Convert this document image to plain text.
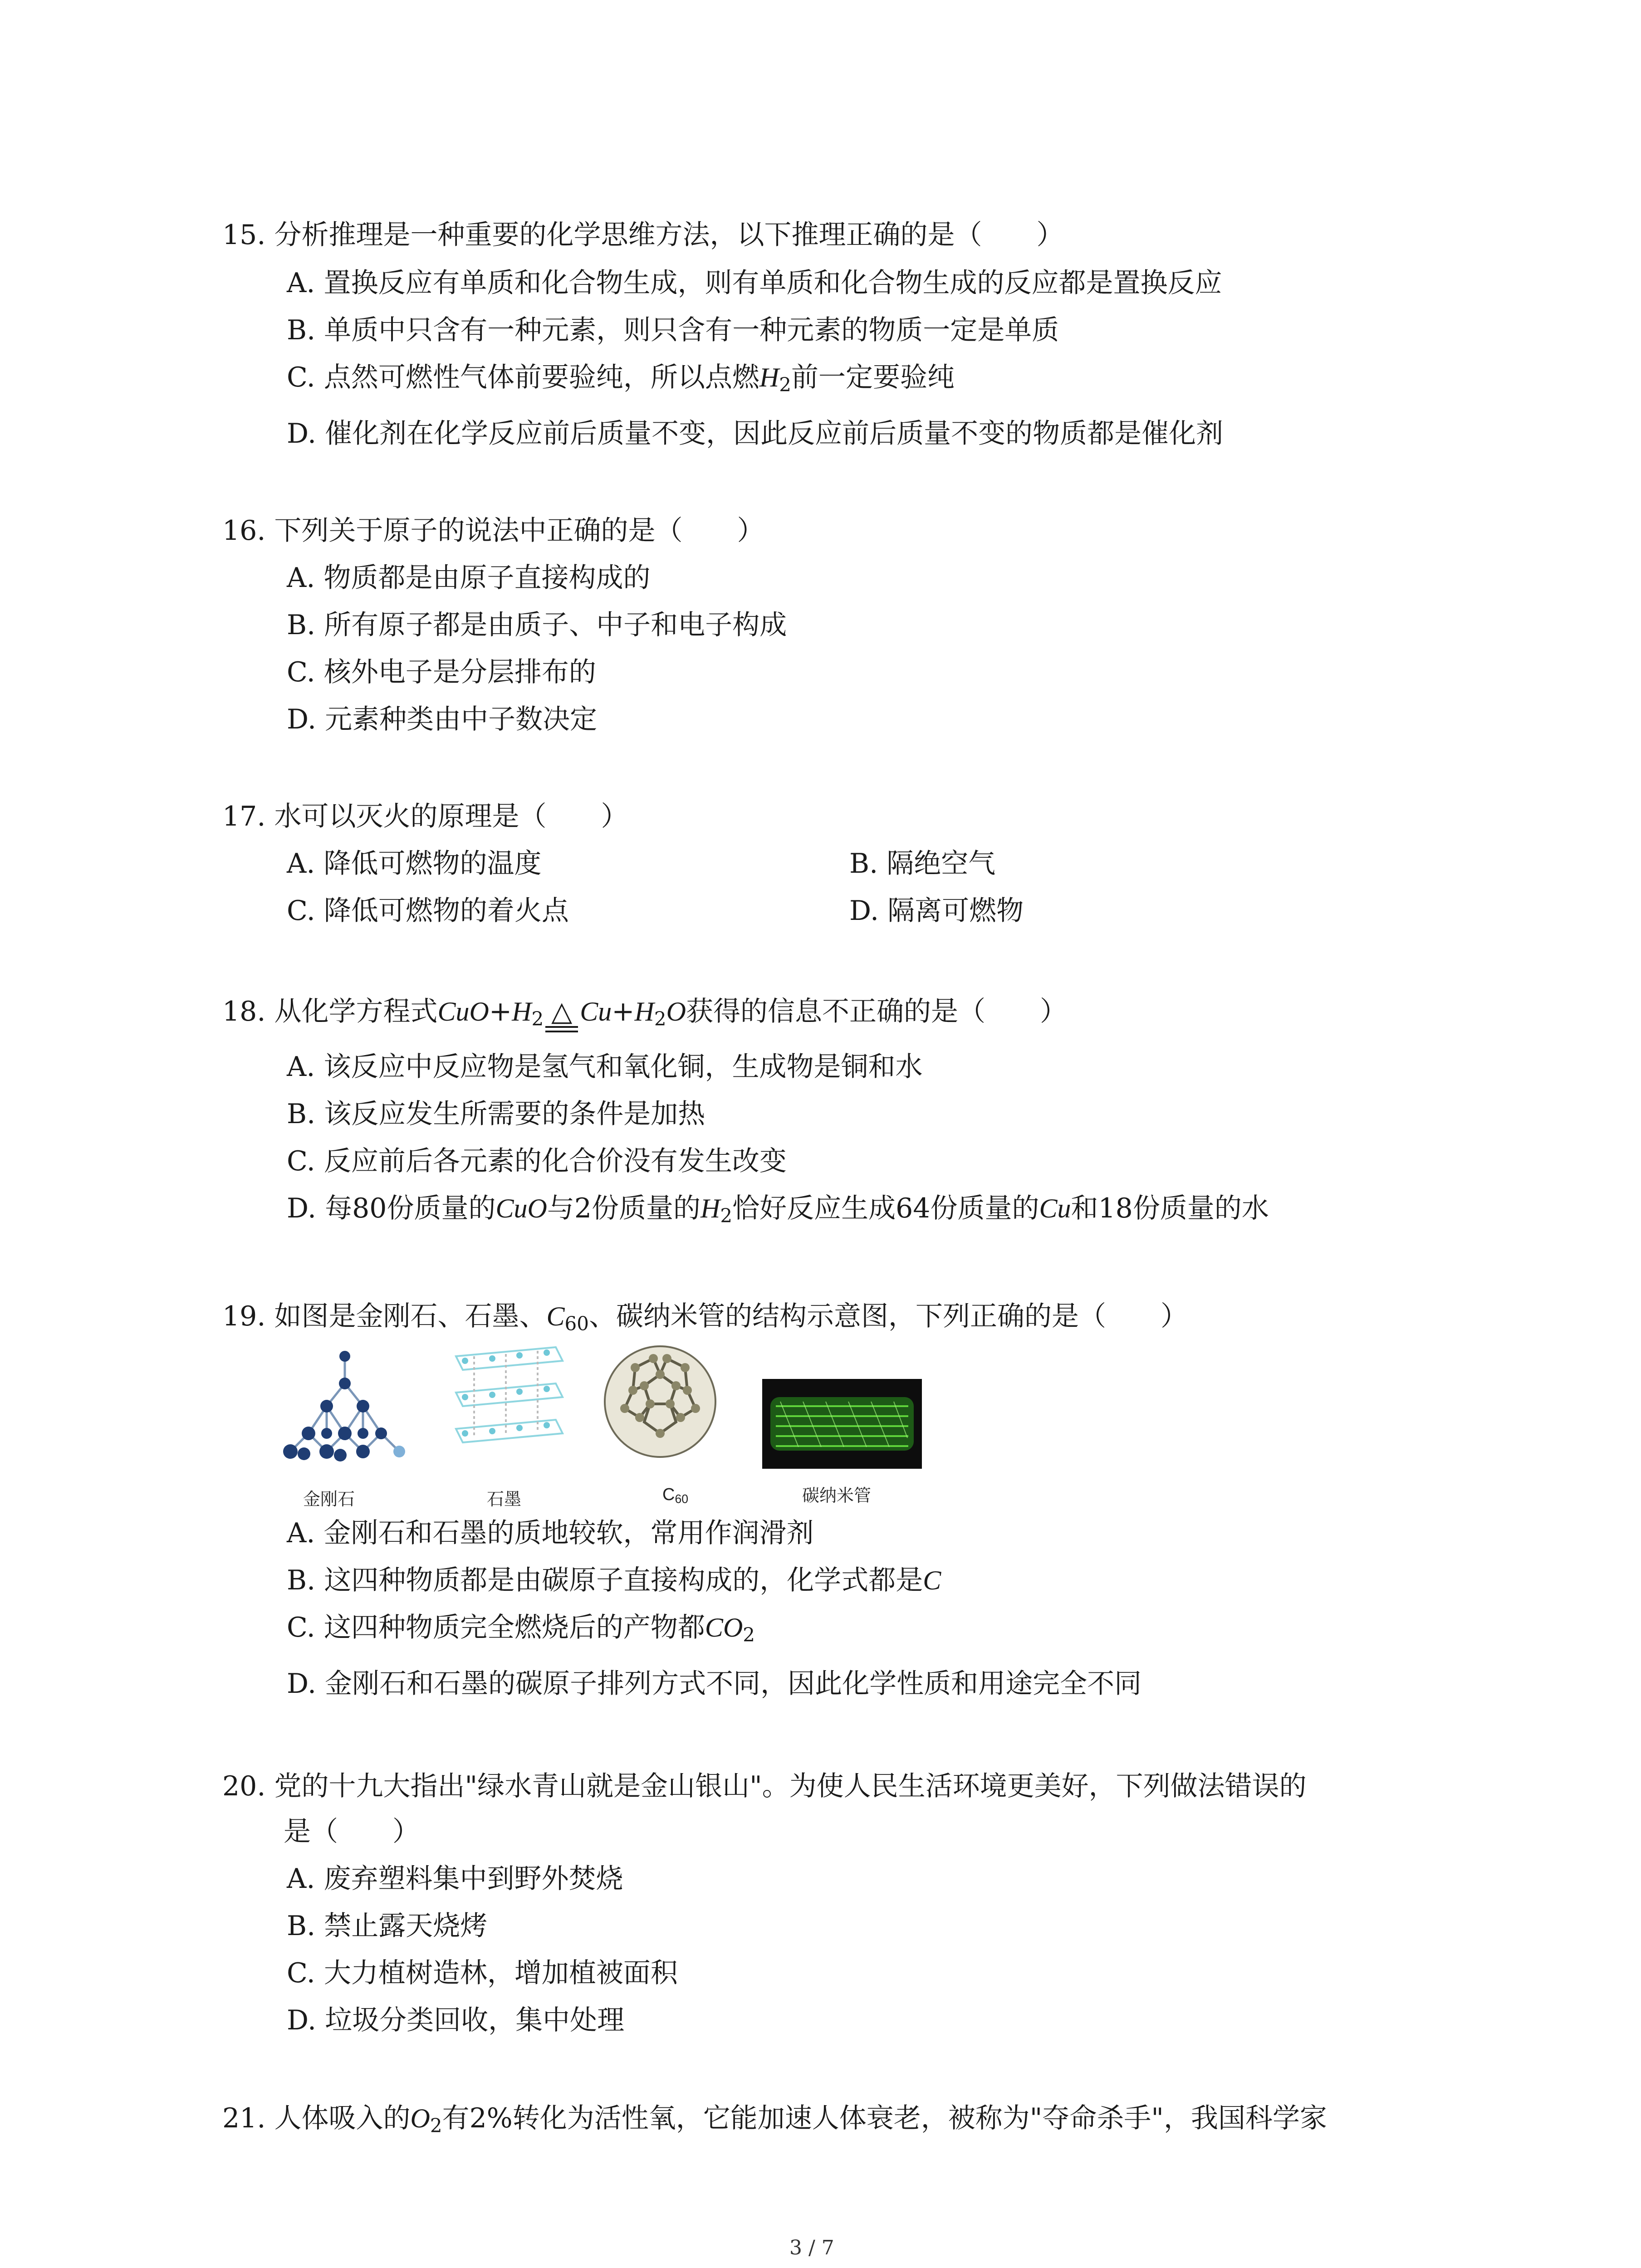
15. 分析推理是一种重要的化学思维方法，以下推理正确的是（　　）
A. 置换反应有单质和化合物生成，则有单质和化合物生成的反应都是置换反应
B. 单质中只含有一种元素，则只含有一种元素的物质一定是单质
C. 点然可燃性气体前要验纯，所以点燃$H_2$前一定要验纯
D. 催化剂在化学反应前后质量不变，因此反应前后质量不变的物质都是催化剂
16. 下列关于原子的说法中正确的是（　　）
A. 物质都是由原子直接构成的
B. 所有原子都是由质子、中子和电子构成
C. 核外电子是分层排布的
D. 元素种类由中子数决定
17. 水可以灭火的原理是（　　）
A. 降低可燃物的温度	B. 隔绝空气
C. 降低可燃物的着火点	D. 隔离可燃物
18. 从化学方程式$CuO+H_2$ △ $Cu+H_2O$获得的信息不正确的是（　　）
A. 该反应中反应物是氢气和氧化铜，生成物是铜和水
B. 该反应发生所需要的条件是加热
C. 反应前后各元素的化合价没有发生改变
D. 每80份质量的CuO与2份质量的$H_2$恰好反应生成64份质量的Cu和18份质量的水
19. 如图是金刚石、石墨、$C_{60}$、碳纳米管的结构示意图，下列正确的是（　　）
金刚石	石墨	$C_{60}$	碳纳米管
A. 金刚石和石墨的质地较软，常用作润滑剂
B. 这四种物质都是由碳原子直接构成的，化学式都是C
C. 这四种物质完全燃烧后的产物都$CO_2$
D. 金刚石和石墨的碳原子排列方式不同，因此化学性质和用途完全不同
20. 党的十九大指出"绿水青山就是金山银山"。为使人民生活环境更美好，下列做法错误的
是（　　）
A. 废弃塑料集中到野外焚烧
B. 禁止露天烧烤
C. 大力植树造林，增加植被面积
D. 垃圾分类回收，集中处理
21. 人体吸入的$O_2$有2%转化为活性氧，它能加速人体衰老，被称为"夺命杀手"，我国科学家
3 / 7
